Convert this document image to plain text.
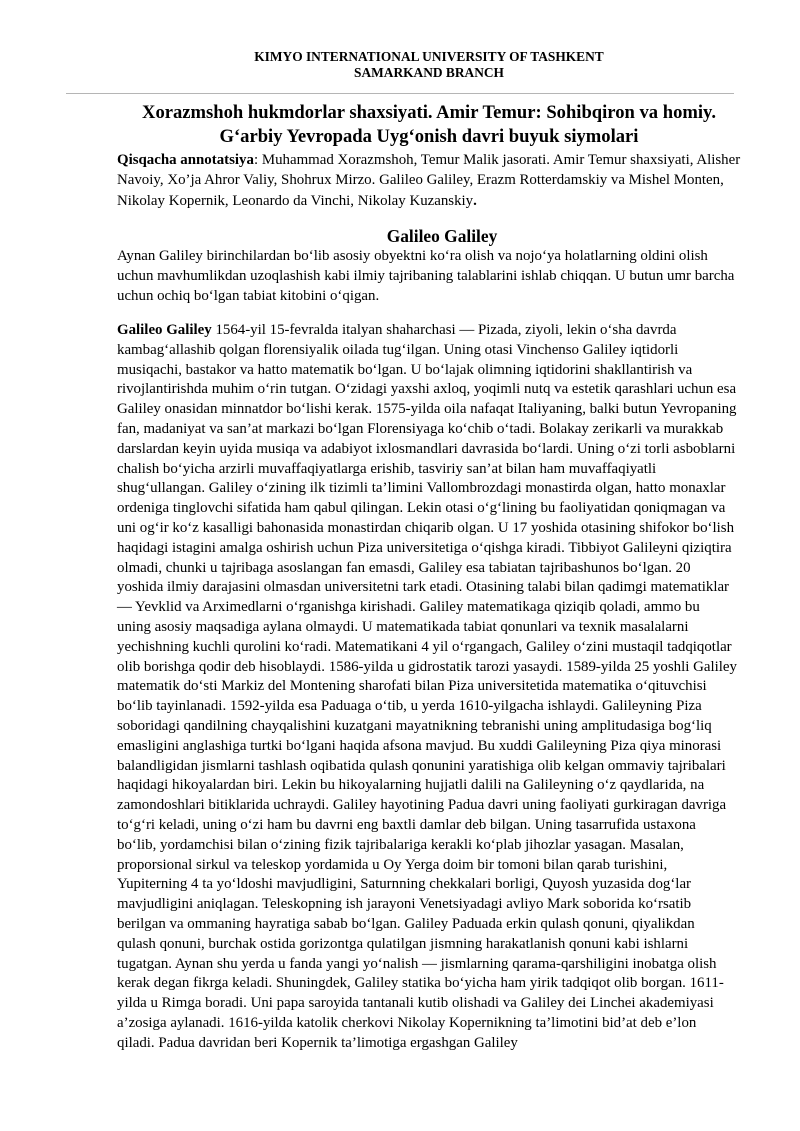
KIMYO INTERNATIONAL UNIVERSITY OF TASHKENT
SAMARKAND BRANCH
Xorazmshoh hukmdorlar shaxsiyati. Amir Temur: Sohibqiron va homiy.
G‘arbiy Yevropada Uyg‘onish davri buyuk siymolari

Qisqacha annotatsiya: Muhammad Xorazmshoh, Temur Malik jasorati. Amir Temur shaxsiyati, Alisher Navoiy, Xo’ja Ahror Valiy, Shohrux Mirzo. Galileo Galiley, Erazm Rotterdamskiy va Mishel Monten, Nikolay Kopernik, Leonardo da Vinchi, Nikolay Kuzanskiy.

Galileo Galiley

Aynan Galiley birinchilardan bo‘lib asosiy obyektni ko‘ra olish va nojo‘ya holatlarning oldini olish uchun mavhumlikdan uzoqlashish kabi ilmiy tajribaning talablarini ishlab chiqqan. U butun umr barcha uchun ochiq bo‘lgan tabiat kitobini o‘qigan.

Galileo Galiley 1564-yil 15-fevralda italyan shaharchasi — Pizada, ziyoli, lekin o‘sha davrda kambag‘allashib qolgan florensiyalik oilada tug‘ilgan. Uning otasi Vinchenso Galiley iqtidorli musiqachi, bastakor va hatto matematik bo‘lgan. U bo‘lajak olimning iqtidorini shakllantirish va rivojlantirishda muhim o‘rin tutgan. O‘zidagi yaxshi axloq, yoqimli nutq va estetik qarashlari uchun esa Galiley onasidan minnatdor bo‘lishi kerak. 1575-yilda oila nafaqat Italiyaning, balki butun Yevropaning fan, madaniyat va san’at markazi bo‘lgan Florensiyaga ko‘chib o‘tadi. Bolakay zerikarli va murakkab darslardan keyin uyida musiqa va adabiyot ixlosmandlari davrasida bo‘lardi. Uning o‘zi torli asboblarni chalish bo‘yicha arzirli muvaffaqiyatlarga erishib, tasviriy san’at bilan ham muvaffaqiyatli shug‘ullangan. Galiley o‘zining ilk tizimli ta’limini Vallombrozdagi monastirda olgan, hatto monaxlar ordeniga tinglovchi sifatida ham qabul qilingan. Lekin otasi o‘g‘lining bu faoliyatidan qoniqmagan va uni og‘ir ko‘z kasalligi bahonasida monastirdan chiqarib olgan. U 17 yoshida otasining shifokor bo‘lish haqidagi istagini amalga oshirish uchun Piza universitetiga o‘qishga kiradi. Tibbiyot Galileyni qiziqtira olmadi, chunki u tajribaga asoslangan fan emasdi, Galiley esa tabiatan tajribashunos bo‘lgan. 20 yoshida ilmiy darajasini olmasdan universitetni tark etadi. Otasining talabi bilan qadimgi matematiklar — Yevklid va Arximedlarni o‘rganishga kirishadi. Galiley matematikaga qiziqib qoladi, ammo bu uning asosiy maqsadiga aylana olmaydi. U matematikada tabiat qonunlari va texnik masalalarni yechishning kuchli qurolini ko‘radi. Matematikani 4 yil o‘rgangach, Galiley o‘zini mustaqil tadqiqotlar olib borishga qodir deb hisoblaydi. 1586-yilda u gidrostatik tarozi yasaydi. 1589-yilda 25 yoshli Galiley matematik do‘sti Markiz del Montening sharofati bilan Piza universitetida matematika o‘qituvchisi bo‘lib tayinlanadi. 1592-yilda esa Paduaga o‘tib, u yerda 1610-yilgacha ishlaydi. Galileyning Piza soboridagi qandilning chayqalishini kuzatgani mayatnikning tebranishi uning amplitudasiga bog‘liq emasligini anglashiga turtki bo‘lgani haqida afsona mavjud. Bu xuddi Galileyning Piza qiya minorasi balandligidan jismlarni tashlash oqibatida qulash qonunini yaratishiga olib kelgan ommaviy tajribalari haqidagi hikoyalardan biri. Lekin bu hikoyalarning hujjatli dalili na Galileyning o‘z qaydlarida, na zamondoshlari bitiklarida uchraydi. Galiley hayotining Padua davri uning faoliyati gurkiragan davriga to‘g‘ri keladi, uning o‘zi ham bu davrni eng baxtli damlar deb bilgan. Uning tasarrufida ustaxona bo‘lib, yordamchisi bilan o‘zining fizik tajribalariga kerakli ko‘plab jihozlar yasagan. Masalan, proporsional sirkul va teleskop yordamida u Oy Yerga doim bir tomoni bilan qarab turishini, Yupiterning 4 ta yo‘ldoshi mavjudligini, Saturnning chekkalari borligi, Quyosh yuzasida dog‘lar mavjudligini aniqlagan. Teleskopning ish jarayoni Venetsiyadagi avliyo Mark soborida ko‘rsatib berilgan va ommaning hayratiga sabab bo‘lgan. Galiley Paduada erkin qulash qonuni, qiyalikdan qulash qonuni, burchak ostida gorizontga qulatilgan jismning harakatlanish qonuni kabi ishlarni tugatgan. Aynan shu yerda u fanda yangi yo‘nalish — jismlarning qarama-qarshiligini inobatga olish kerak degan fikrga keladi. Shuningdek, Galiley statika bo‘yicha ham yirik tadqiqot olib borgan. 1611-yilda u Rimga boradi. Uni papa saroyida tantanali kutib olishadi va Galiley dei Linchei akademiyasi a’zosiga aylanadi. 1616-yilda katolik cherkovi Nikolay Kopernikning ta’limotini bid’at deb e’lon qiladi. Padua davridan beri Kopernik ta’limotiga ergashgan Galiley
